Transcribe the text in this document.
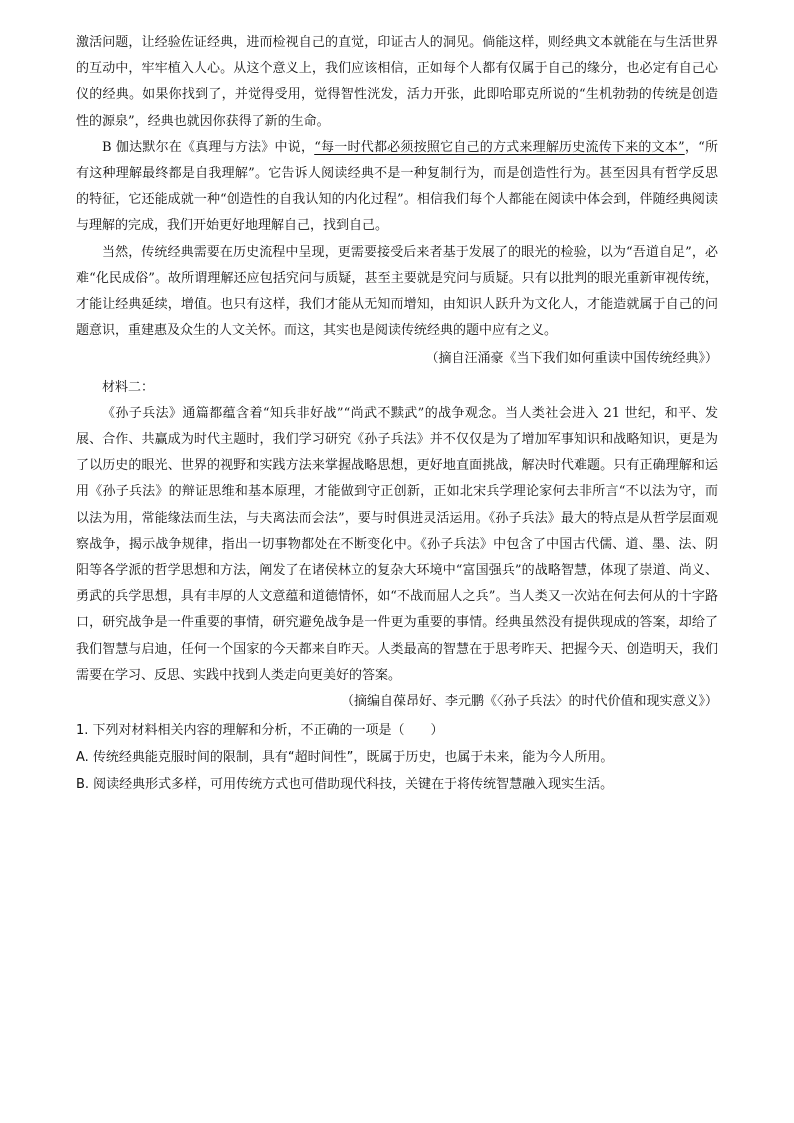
激活问题，让经验佐证经典，进而检视自己的直觉，印证古人的洞见。倘能这样，则经典文本就能在与生活世界的互动中，牢牢植入人心。从这个意义上，我们应该相信，正如每个人都有仅属于自己的缘分，也必定有自己心仪的经典。如果你找到了，并觉得受用，觉得智性洸发，活力开张，此即哈耶克所说的“生机勃勃的传统是创造性的源泉”，经典也就因你获得了新的生命。

B 伽达默尔在《真理与方法》中说，“每一时代都必须按照它自己的方式来理解历史流传下来的文本”，“所有这种理解最终都是自我理解”。它告诉人阅读经典不是一种复制行为，而是创造性行为。甚至因具有哲学反思的特征，它还能成就一种“创造性的自我认知的内化过程”。相信我们每个人都能在阅读中体会到，伴随经典阅读与理解的完成，我们开始更好地理解自己，找到自己。

当然，传统经典需要在历史流程中呈现，更需要接受后来者基于发展了的眼光的检验，以为“吾道自足”，必难“化民成俗”。故所谓理解还应包括究问与质疑，甚至主要就是究问与质疑。只有以批判的眼光重新审视传统，才能让经典延续，增值。也只有这样，我们才能从无知而增知，由知识人跃升为文化人，才能造就属于自己的问题意识，重建惠及众生的人文关怀。而这，其实也是阅读传统经典的题中应有之义。

（摘自汪涌豪《当下我们如何重读中国传统经典》）

材料二：

《孙子兵法》通篇都蕴含着“知兵非好战”“尚武不黩武”的战争观念。当人类社会进入 21 世纪，和平、发展、合作、共赢成为时代主题时，我们学习研究《孙子兵法》并不仅仅是为了增加军事知识和战略知识，更是为了以历史的眼光、世界的视野和实践方法来掌握战略思想，更好地直面挑战，解决时代难题。只有正确理解和运用《孙子兵法》的辩证思维和基本原理，才能做到守正创新，正如北宋兵学理论家何去非所言“不以法为守，而以法为用，常能缘法而生法，与夫离法而会法”，要与时俱进灵活运用。《孙子兵法》最大的特点是从哲学层面观察战争，揭示战争规律，指出一切事物都处在不断变化中。《孙子兵法》中包含了中国古代儒、道、墨、法、阴阳等各学派的哲学思想和方法，阐发了在诸侯林立的复杂大环境中“富国强兵”的战略智慧，体现了崇道、尚义、勇武的兵学思想，具有丰厚的人文意蕴和道德情怀，如“不战而屈人之兵”。当人类又一次站在何去何从的十字路口，研究战争是一件重要的事情，研究避免战争是一件更为重要的事情。经典虽然没有提供现成的答案，却给了我们智慧与启迪，任何一个国家的今天都来自昨天。人类最高的智慧在于思考昨天、把握今天、创造明天，我们需要在学习、反思、实践中找到人类走向更美好的答案。

（摘编自葆昂好、李元鹏《〈孙子兵法〉的时代价值和现实意义》）

1. 下列对材料相关内容的理解和分析，不正确的一项是（　　）

A. 传统经典能克服时间的限制，具有“超时间性”，既属于历史，也属于未来，能为今人所用。

B. 阅读经典形式多样，可用传统方式也可借助现代科技，关键在于将传统智慧融入现实生活。
